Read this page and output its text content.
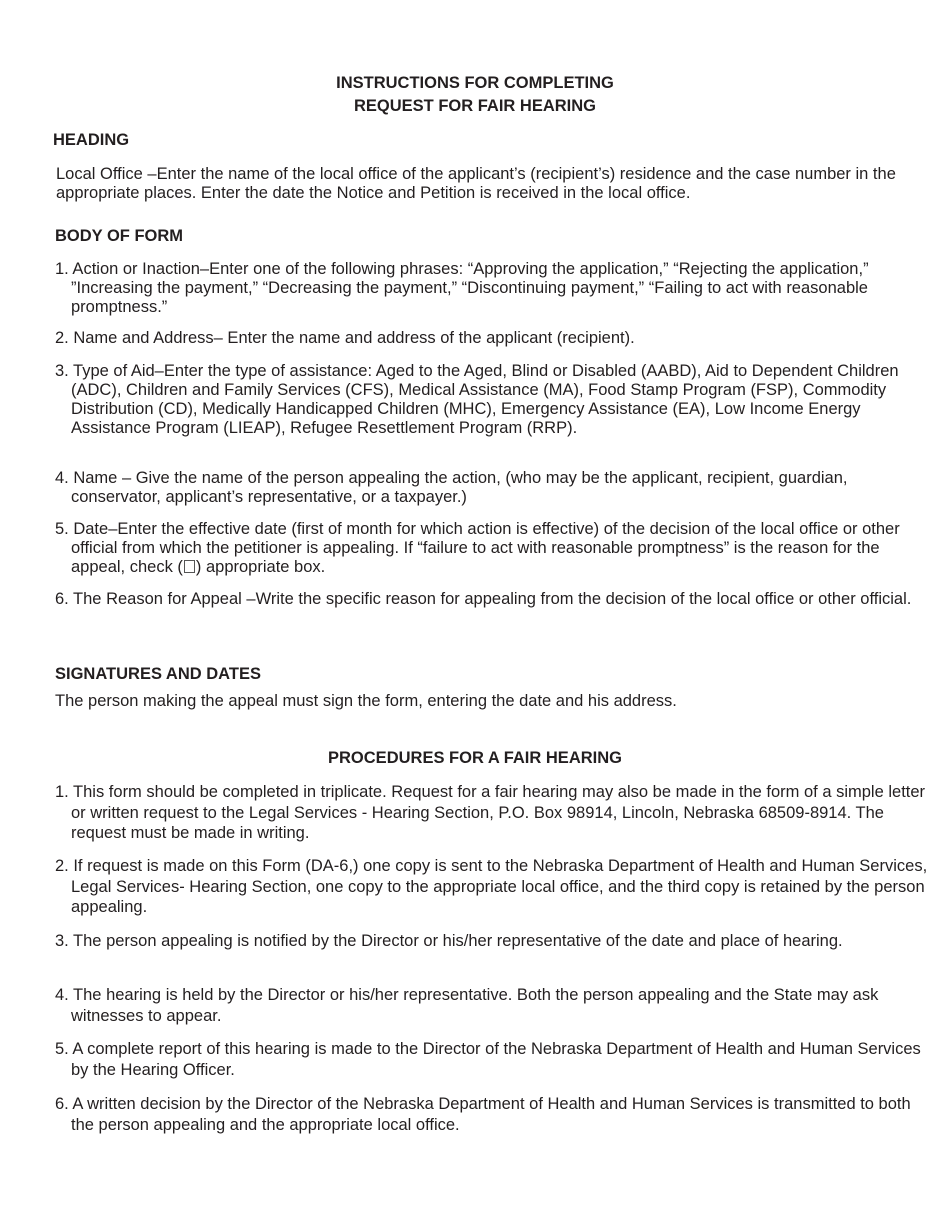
INSTRUCTIONS FOR COMPLETING
REQUEST FOR FAIR HEARING
HEADING
Local Office –Enter the name of the local office of the applicant’s (recipient’s) residence and the case number in the appropriate places. Enter the date the Notice and Petition is received in the local office.
BODY OF FORM
1. Action or Inaction–Enter one of the following phrases: “Approving the application,” “Rejecting the application,” ”Increasing the payment,” “Decreasing the payment,” “Discontinuing payment,” “Failing to act with reasonable promptness.”
2. Name and Address– Enter the name and address of the applicant (recipient).
3. Type of Aid–Enter the type of assistance: Aged to the Aged, Blind or Disabled (AABD), Aid to Dependent Children (ADC), Children and Family Services (CFS), Medical Assistance (MA), Food Stamp Program (FSP), Commodity Distribution (CD), Medically Handicapped Children (MHC), Emergency Assistance (EA), Low Income Energy Assistance Program (LIEAP), Refugee Resettlement Program (RRP).
4. Name – Give the name of the person appealing the action, (who may be the applicant, recipient, guardian, conservator, applicant’s representative, or a taxpayer.)
5. Date–Enter the effective date (first of month for which action is effective) of the decision of the local office or other official from which the petitioner is appealing. If “failure to act with reasonable promptness” is the reason for the appeal, check ( ) appropriate box.
6. The Reason for Appeal –Write the specific reason for appealing from the decision of the local office or other official.
SIGNATURES AND DATES
The person making the appeal must sign the form, entering the date and his address.
PROCEDURES FOR A FAIR HEARING
1. This form should be completed in triplicate. Request for a fair hearing may also be made in the form of a simple letter or written request to the Legal Services - Hearing Section, P.O. Box 98914, Lincoln, Nebraska 68509-8914. The request must be made in writing.
2. If request is made on this Form (DA-6,) one copy is sent to the Nebraska Department of Health and Human Services, Legal Services- Hearing Section, one copy to the appropriate local office, and the third copy is retained by the person appealing.
3. The person appealing is notified by the Director or his/her representative of the date and place of hearing.
4. The hearing is held by the Director or his/her representative. Both the person appealing and the State may ask witnesses to appear.
5. A complete report of this hearing is made to the Director of the Nebraska Department of Health and Human Services by the Hearing Officer.
6. A written decision by the Director of the Nebraska Department of Health and Human Services is transmitted to both the person appealing and the appropriate local office.
